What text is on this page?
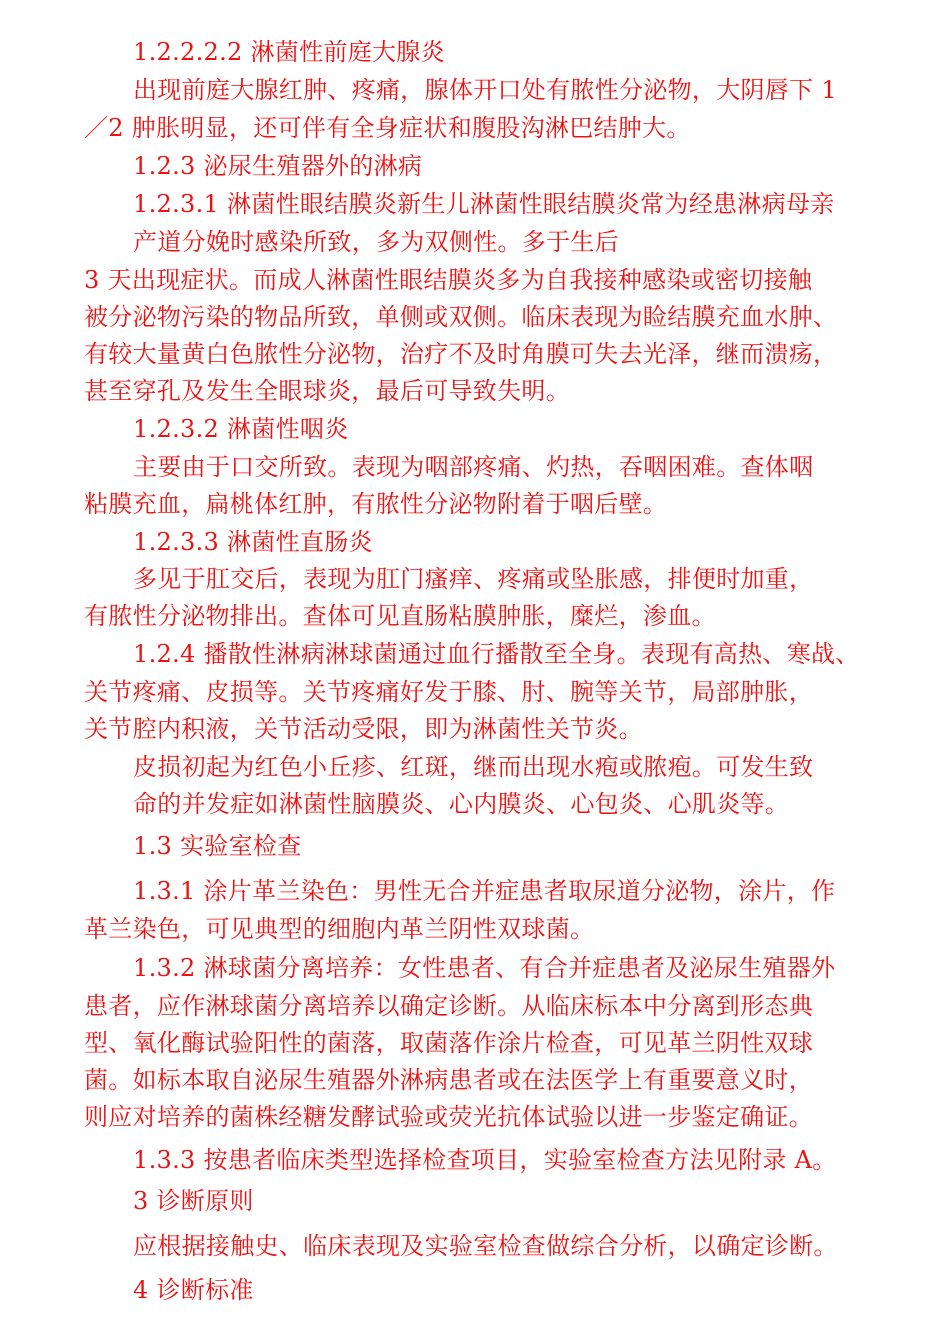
1.2.2.2.2 淋菌性前庭大腺炎
出现前庭大腺红肿、疼痛，腺体开口处有脓性分泌物，大阴唇下 1
／2 肿胀明显，还可伴有全身症状和腹股沟淋巴结肿大。
1.2.3 泌尿生殖器外的淋病
1.2.3.1 淋菌性眼结膜炎新生儿淋菌性眼结膜炎常为经患淋病母亲
产道分娩时感染所致，多为双侧性。多于生后
3 天出现症状。而成人淋菌性眼结膜炎多为自我接种感染或密切接触
被分泌物污染的物品所致，单侧或双侧。临床表现为睑结膜充血水肿、
有较大量黄白色脓性分泌物，治疗不及时角膜可失去光泽，继而溃疡，
甚至穿孔及发生全眼球炎，最后可导致失明。
1.2.3.2 淋菌性咽炎
主要由于口交所致。表现为咽部疼痛、灼热，吞咽困难。查体咽
粘膜充血，扁桃体红肿，有脓性分泌物附着于咽后壁。
1.2.3.3 淋菌性直肠炎
多见于肛交后，表现为肛门瘙痒、疼痛或坠胀感，排便时加重，
有脓性分泌物排出。查体可见直肠粘膜肿胀，糜烂，渗血。
1.2.4 播散性淋病淋球菌通过血行播散至全身。表现有高热、寒战、
关节疼痛、皮损等。关节疼痛好发于膝、肘、腕等关节，局部肿胀，
关节腔内积液，关节活动受限，即为淋菌性关节炎。
皮损初起为红色小丘疹、红斑，继而出现水疱或脓疱。可发生致
命的并发症如淋菌性脑膜炎、心内膜炎、心包炎、心肌炎等。
1.3 实验室检查
1.3.1 涂片革兰染色：男性无合并症患者取尿道分泌物，涂片，作
革兰染色，可见典型的细胞内革兰阴性双球菌。
1.3.2 淋球菌分离培养：女性患者、有合并症患者及泌尿生殖器外
患者，应作淋球菌分离培养以确定诊断。从临床标本中分离到形态典
型、氧化酶试验阳性的菌落，取菌落作涂片检查，可见革兰阴性双球
菌。如标本取自泌尿生殖器外淋病患者或在法医学上有重要意义时，
则应对培养的菌株经糖发酵试验或荧光抗体试验以进一步鉴定确证。
1.3.3 按患者临床类型选择检查项目，实验室检查方法见附录 A。
3 诊断原则
应根据接触史、临床表现及实验室检查做综合分析，以确定诊断。
4 诊断标准
